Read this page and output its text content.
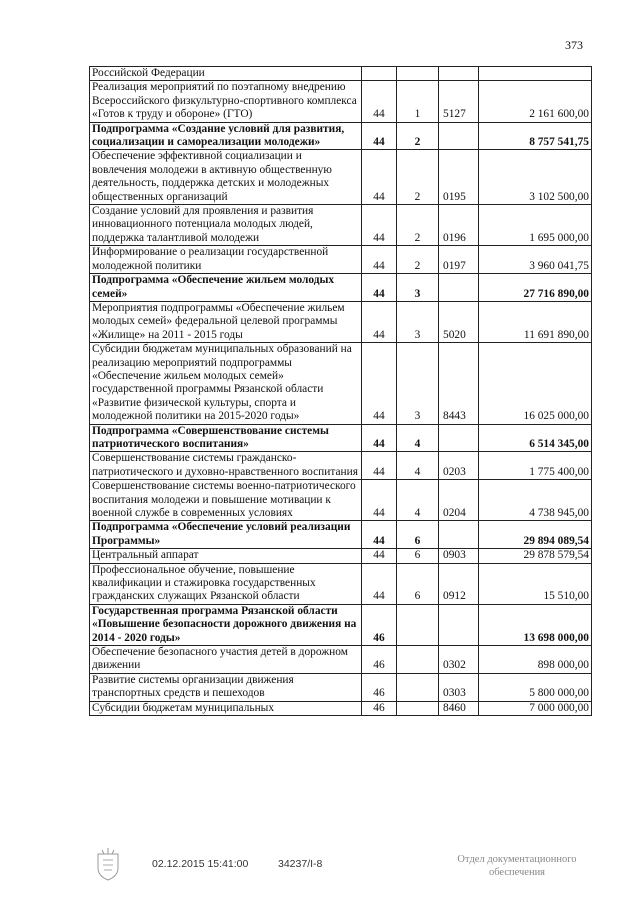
373
Российской Федерации				
Реализация мероприятий по поэтапному внедрению Всероссийского физкультурно-спортивного комплекса «Готов к труду и обороне» (ГТО)	44	1	5127	2 161 600,00
Подпрограмма «Создание условий для развития, социализации и самореализации молодежи»	44	2		8 757 541,75
Обеспечение эффективной социализации и вовлечения молодежи в активную общественную деятельность, поддержка детских и молодежных общественных организаций	44	2	0195	3 102 500,00
Создание условий для проявления и развития инновационного потенциала молодых людей, поддержка талантливой молодежи	44	2	0196	1 695 000,00
Информирование о реализации государственной молодежной политики	44	2	0197	3 960 041,75
Подпрограмма «Обеспечение жильем молодых семей»	44	3		27 716 890,00
Мероприятия подпрограммы «Обеспечение жильем молодых семей» федеральной целевой программы «Жилище» на 2011 - 2015 годы	44	3	5020	11 691 890,00
Субсидии бюджетам муниципальных образований на реализацию мероприятий подпрограммы «Обеспечение жильем молодых семей» государственной программы Рязанской области «Развитие физической культуры, спорта и молодежной политики на 2015-2020 годы»	44	3	8443	16 025 000,00
Подпрограмма «Совершенствование системы патриотического воспитания»	44	4		6 514 345,00
Совершенствование системы гражданско-патриотического и духовно-нравственного воспитания	44	4	0203	1 775 400,00
Совершенствование системы военно-патриотического воспитания молодежи и повышение мотивации к военной службе в современных условиях	44	4	0204	4 738 945,00
Подпрограмма «Обеспечение условий реализации Программы»	44	6		29 894 089,54
Центральный аппарат	44	6	0903	29 878 579,54
Профессиональное обучение, повышение квалификации и стажировка государственных гражданских служащих Рязанской области	44	6	0912	15 510,00
Государственная программа Рязанской области «Повышение безопасности дорожного движения на 2014 - 2020 годы»	46			13 698 000,00
Обеспечение безопасного участия детей в дорожном движении	46		0302	898 000,00
Развитие системы организации движения транспортных средств и пешеходов	46		0303	5 800 000,00
Субсидии бюджетам муниципальных	46		8460	7 000 000,00
02.12.2015 15:41:00	34237/I-8	Отдел документационного
обеспечения
